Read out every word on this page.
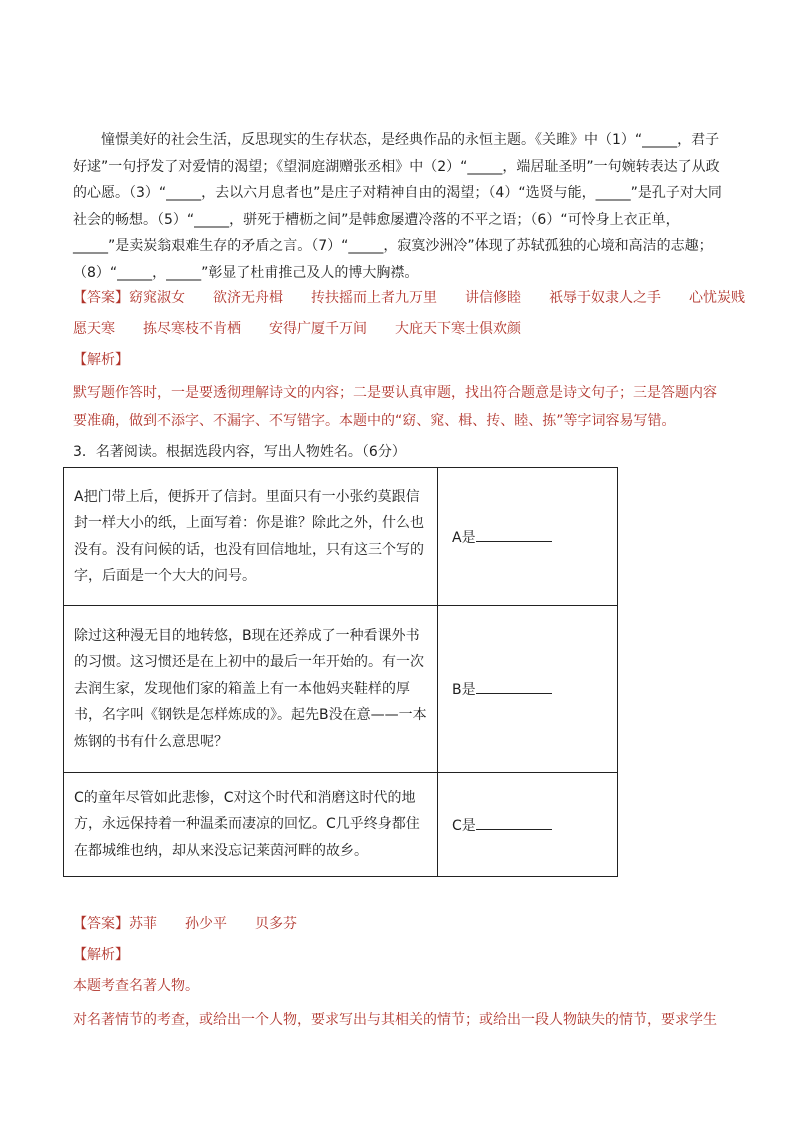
憧憬美好的社会生活，反思现实的生存状态，是经典作品的永恒主题。《关雎》中（1）“_____，君子好逑”一句抒发了对爱情的渴望；《望洞庭湖赠张丞相》中（2）“_____，端居耻圣明”一句婉转表达了从政的心愿。（3）“_____，去以六月息者也”是庄子对精神自由的渴望；（4）“选贤与能，_____”是孔子对大同社会的畅想。（5）“_____，骈死于槽枥之间”是韩愈屡遭冷落的不平之语；（6）“可怜身上衣正单，_____”是卖炭翁艰难生存的矛盾之言。（7）“_____，寂寞沙洲冷”体现了苏轼孤独的心境和高洁的志趣；（8）“_____，_____”彰显了杜甫推己及人的博大胸襟。

【答案】窈窕淑女 欲济无舟楫 抟扶摇而上者九万里 讲信修睦 祇辱于奴隶人之手 心忧炭贱
愿天寒 拣尽寒枝不肯栖 安得广厦千万间 大庇天下寒士俱欢颜
【解析】

默写题作答时，一是要透彻理解诗文的内容；二是要认真审题，找出符合题意是诗文句子；三是答题内容要准确，做到不添字、不漏字、不写错字。本题中的“窈、窕、楫、抟、睦、拣”等字词容易写错。

3．名著阅读。根据选段内容，写出人物姓名。（6分）
A把门带上后，便拆开了信封。里面只有一小张约莫跟信封一样大小的纸，上面写着：你是谁？除此之外，什么也没有。没有问候的话，也没有回信地址，只有这三个写的字，后面是一个大大的问号。	A是
除过这种漫无目的地转悠，B现在还养成了一种看课外书的习惯。这习惯还是在上初中的最后一年开始的。有一次去润生家，发现他们家的箱盖上有一本他妈夹鞋样的厚书，名字叫《钢铁是怎样炼成的》。起先B没在意——一本炼钢的书有什么意思呢？	B是
C的童年尽管如此悲惨，C对这个时代和消磨这时代的地方，永远保持着一种温柔而凄凉的回忆。C几乎终身都住在都城维也纳，却从来没忘记莱茵河畔的故乡。	C是
【答案】苏菲 孙少平 贝多芬
【解析】
本题考查名著人物。
对名著情节的考查，或给出一个人物，要求写出与其相关的情节；或给出一段人物缺失的情节，要求学生
